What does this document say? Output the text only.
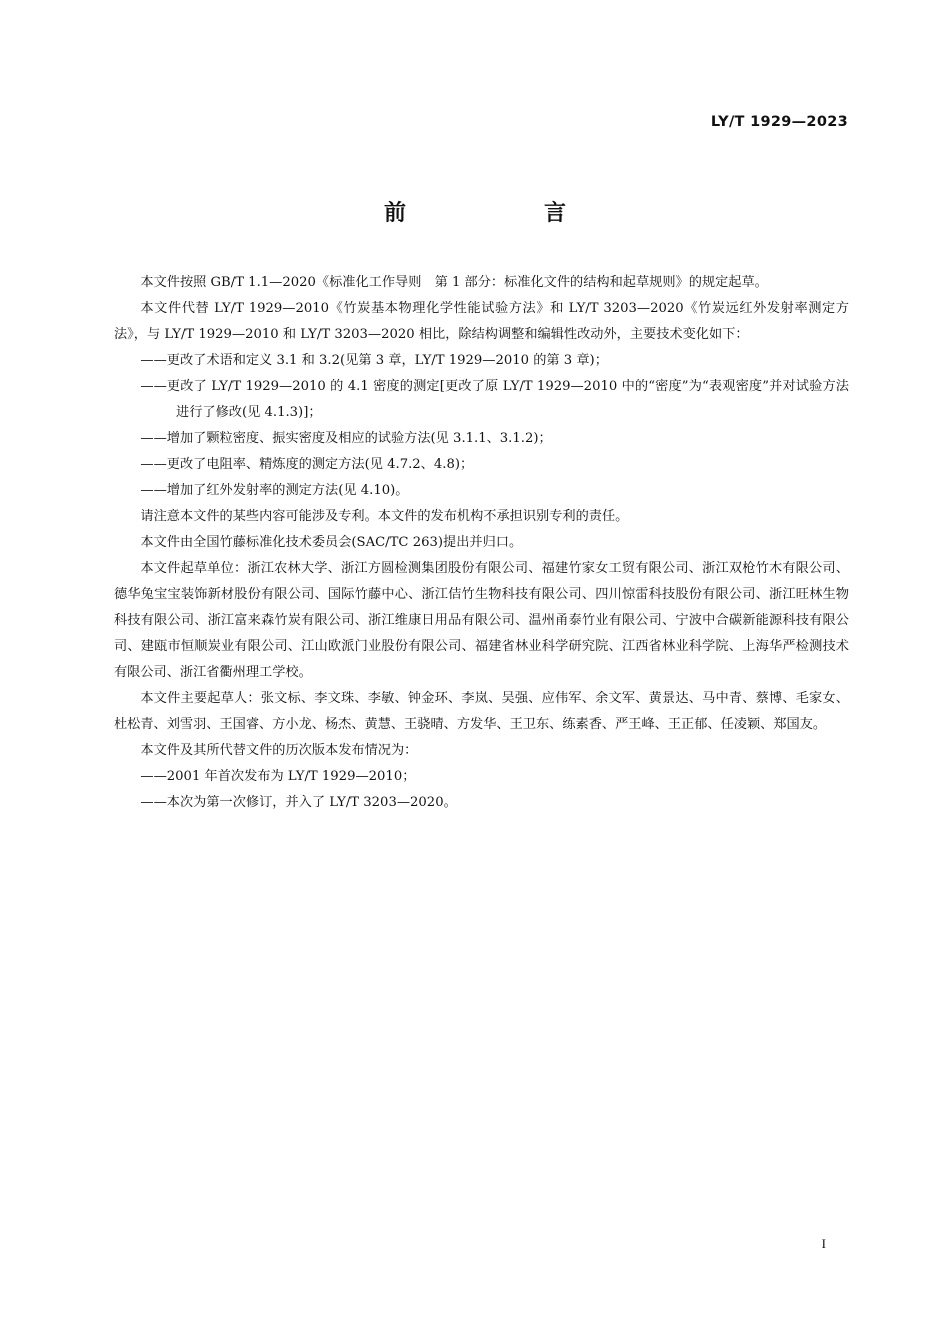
LY/T 1929—2023
前　言

本文件按照 GB/T 1.1—2020《标准化工作导则　第 1 部分：标准化文件的结构和起草规则》的规定起草。

本文件代替 LY/T 1929—2010《竹炭基本物理化学性能试验方法》和 LY/T 3203—2020《竹炭远红外发射率测定方法》，与 LY/T 1929—2010 和 LY/T 3203—2020 相比，除结构调整和编辑性改动外，主要技术变化如下：

——更改了术语和定义 3.1 和 3.2(见第 3 章，LY/T 1929—2010 的第 3 章)；

——更改了 LY/T 1929—2010 的 4.1 密度的测定[更改了原 LY/T 1929—2010 中的“密度”为“表观密度”并对试验方法进行了修改(见 4.1.3)]；

——增加了颗粒密度、振实密度及相应的试验方法(见 3.1.1、3.1.2)；

——更改了电阻率、精炼度的测定方法(见 4.7.2、4.8)；

——增加了红外发射率的测定方法(见 4.10)。

请注意本文件的某些内容可能涉及专利。本文件的发布机构不承担识别专利的责任。

本文件由全国竹藤标准化技术委员会(SAC/TC 263)提出并归口。

本文件起草单位：浙江农林大学、浙江方圆检测集团股份有限公司、福建竹家女工贸有限公司、浙江双枪竹木有限公司、德华兔宝宝装饰新材股份有限公司、国际竹藤中心、浙江佶竹生物科技有限公司、四川惊雷科技股份有限公司、浙江旺林生物科技有限公司、浙江富来森竹炭有限公司、浙江维康日用品有限公司、温州甬泰竹业有限公司、宁波中合碳新能源科技有限公司、建瓯市恒顺炭业有限公司、江山欧派门业股份有限公司、福建省林业科学研究院、江西省林业科学院、上海华严检测技术有限公司、浙江省衢州理工学校。

本文件主要起草人：张文标、李文珠、李敏、钟金环、李岚、吴强、应伟军、余文军、黄景达、马中青、蔡博、毛家女、杜松青、刘雪羽、王国睿、方小龙、杨杰、黄慧、王骁晴、方发华、王卫东、练素香、严王峰、王正郁、任凌颖、郑国友。

本文件及其所代替文件的历次版本发布情况为：

——2001 年首次发布为 LY/T 1929—2010；

——本次为第一次修订，并入了 LY/T 3203—2020。

I
